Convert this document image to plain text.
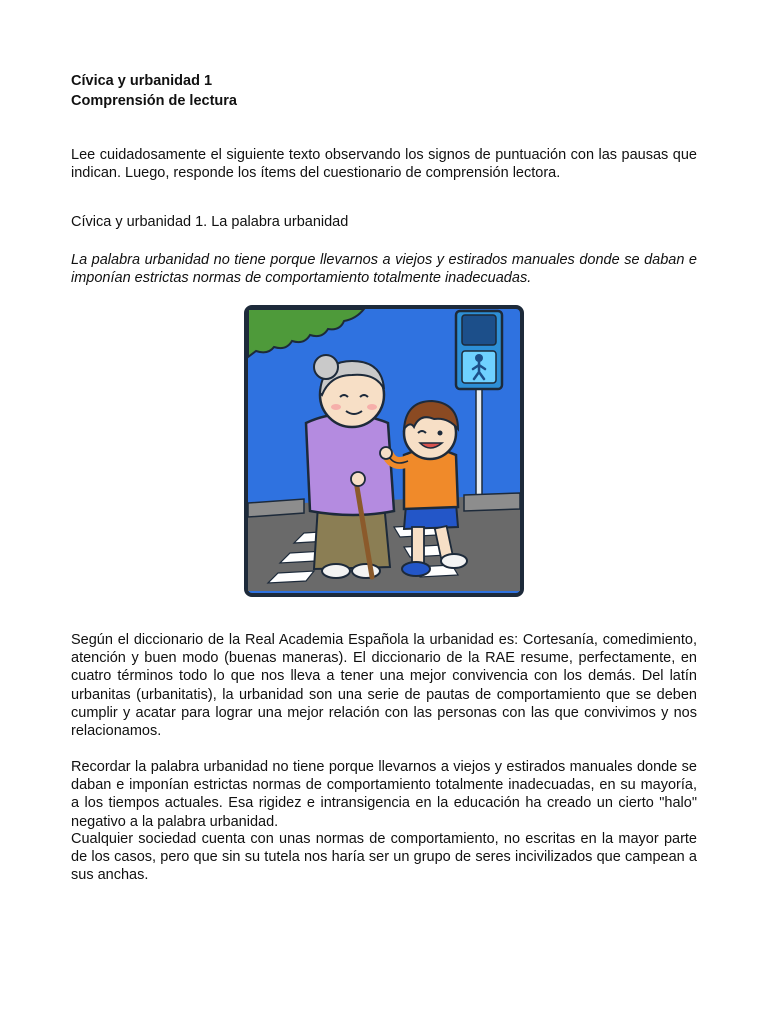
Cívica y urbanidad 1
Comprensión de lectura

Lee cuidadosamente el siguiente texto observando los signos de puntuación con las pausas que indican. Luego, responde los ítems del cuestionario de comprensión lectora.

Cívica y urbanidad 1. La palabra urbanidad

La palabra urbanidad no tiene porque llevarnos a viejos y estirados manuales donde se daban e imponían estrictas normas de comportamiento totalmente inadecuadas.

Según el diccionario de la Real Academia Española la urbanidad es: Cortesanía, comedimiento, atención y buen modo (buenas maneras). El diccionario de la RAE resume, perfectamente, en cuatro términos todo lo que nos lleva a tener una mejor convivencia con los demás. Del latín urbanitas (urbanitatis), la urbanidad son una serie de pautas de comportamiento que se deben cumplir y acatar para lograr una mejor relación con las personas con las que convivimos y nos relacionamos.

Recordar la palabra urbanidad no tiene porque llevarnos a viejos y estirados manuales donde se daban e imponían estrictas normas de comportamiento totalmente inadecuadas, en su mayoría, a los tiempos actuales. Esa rigidez e intransigencia en la educación ha creado un cierto "halo" negativo a la palabra urbanidad.

Cualquier sociedad cuenta con unas normas de comportamiento, no escritas en la mayor parte de los casos, pero que sin su tutela nos haría ser un grupo de seres incivilizados que campean a sus anchas.
